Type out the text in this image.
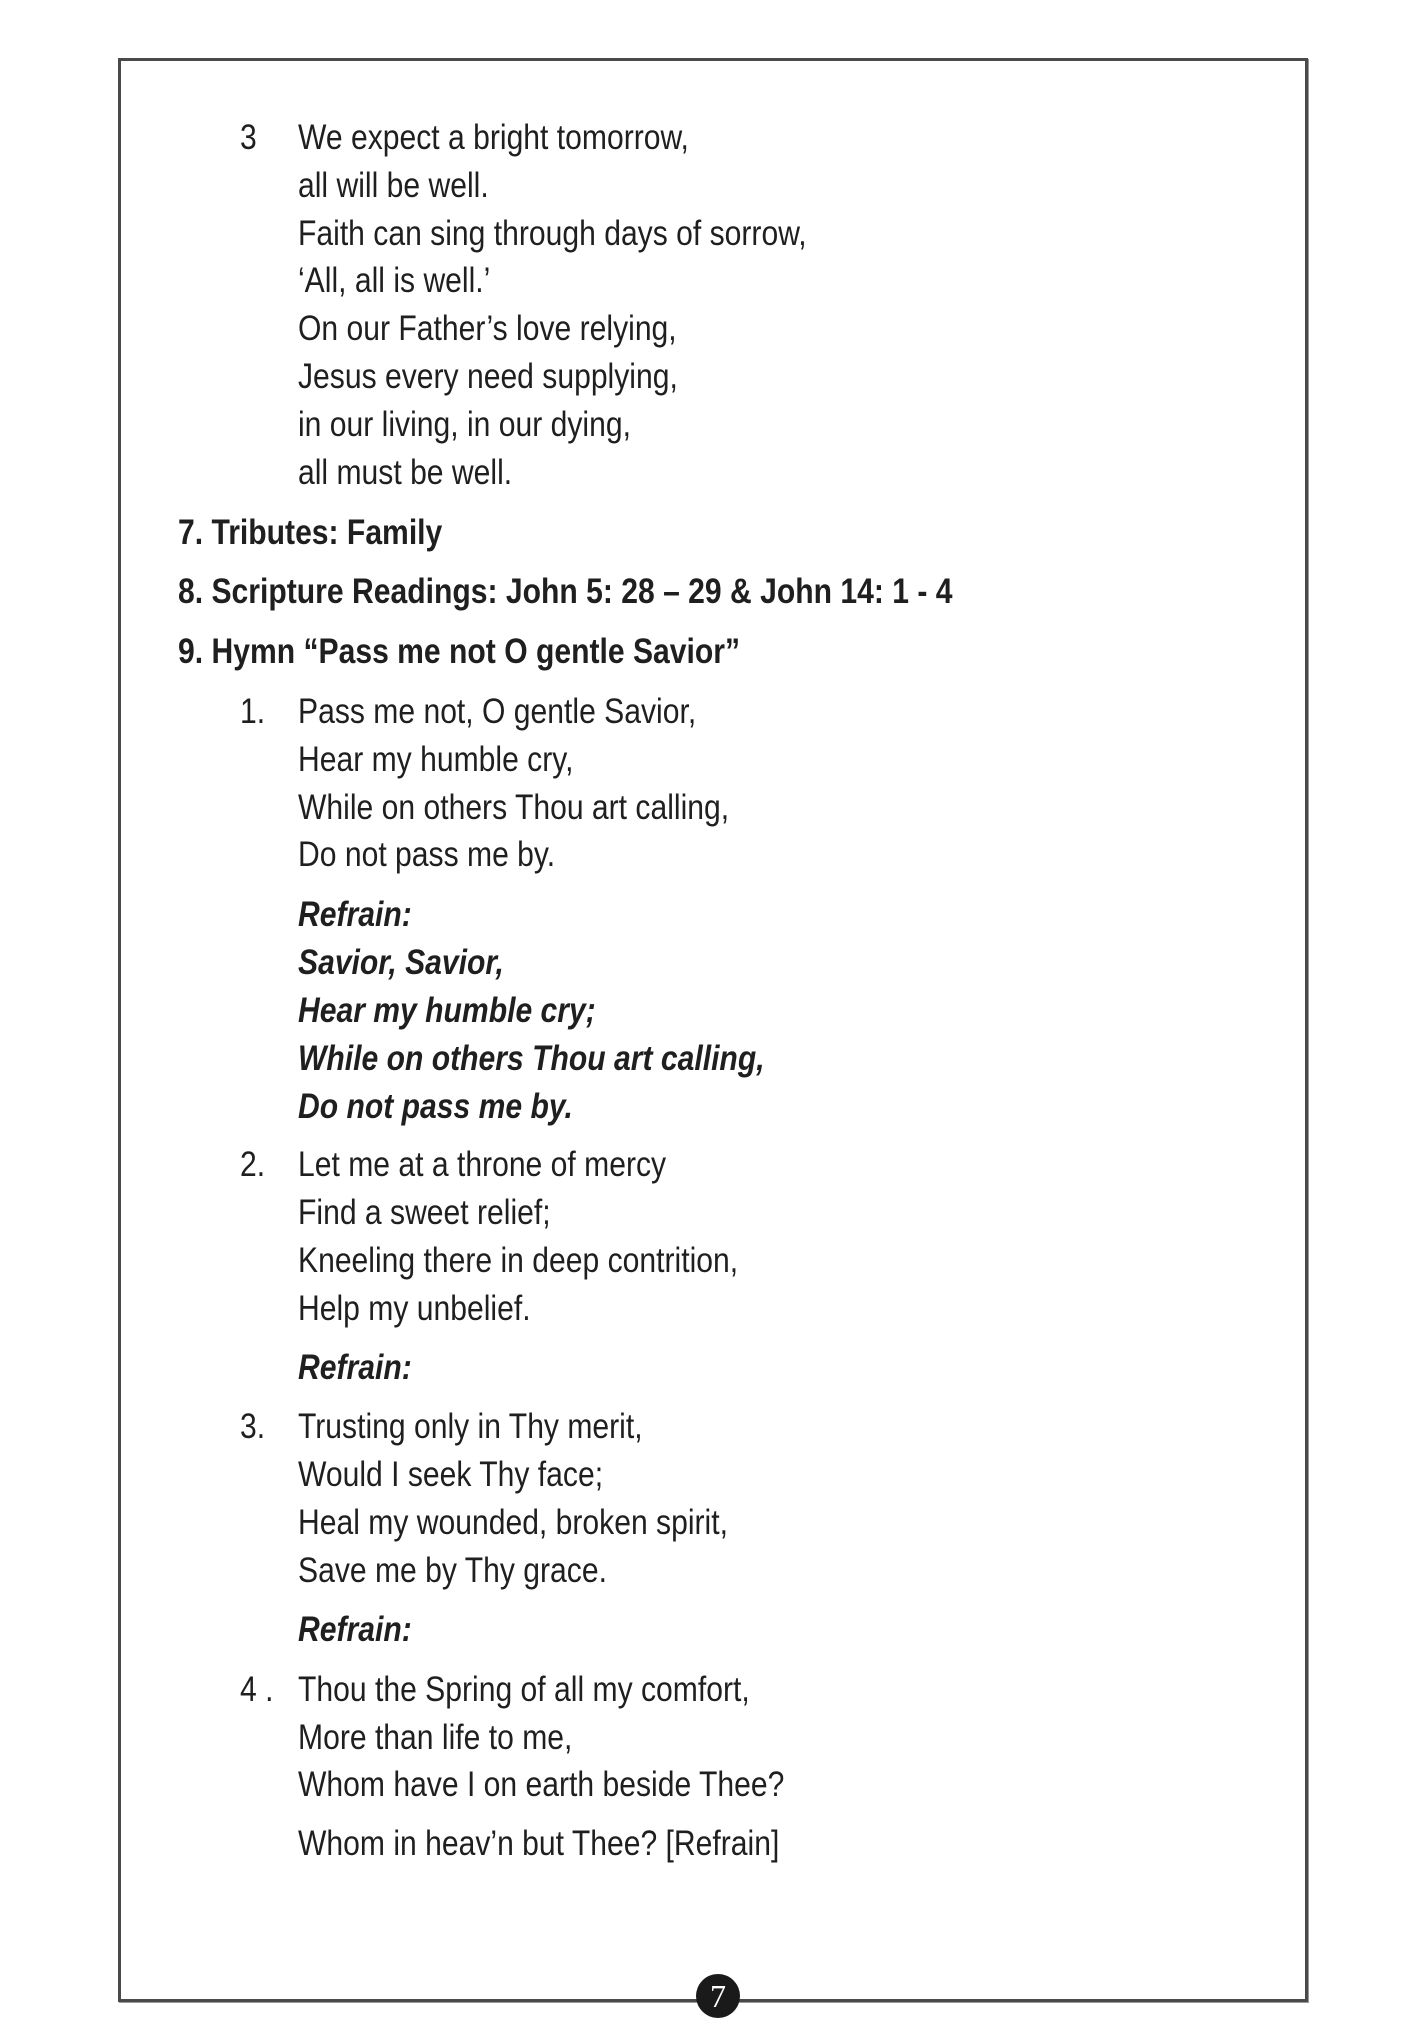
3 We expect a bright tomorrow,
all will be well.
Faith can sing through days of sorrow,
‘All, all is well.’
On our Father’s love relying,
Jesus every need supplying,
in our living, in our dying,
all must be well.
7. Tributes: Family
8. Scripture Readings: John 5: 28 – 29 & John 14: 1 - 4
9. Hymn “Pass me not O gentle Savior”
1. Pass me not, O gentle Savior,
Hear my humble cry,
While on others Thou art calling,
Do not pass me by.
Refrain:
Savior, Savior,
Hear my humble cry;
While on others Thou art calling,
Do not pass me by.
2. Let me at a throne of mercy
Find a sweet relief;
Kneeling there in deep contrition,
Help my unbelief.
Refrain:
3. Trusting only in Thy merit,
Would I seek Thy face;
Heal my wounded, broken spirit,
Save me by Thy grace.
Refrain:
4 . Thou the Spring of all my comfort,
More than life to me,
Whom have I on earth beside Thee?
Whom in heav’n but Thee? [Refrain]
7
